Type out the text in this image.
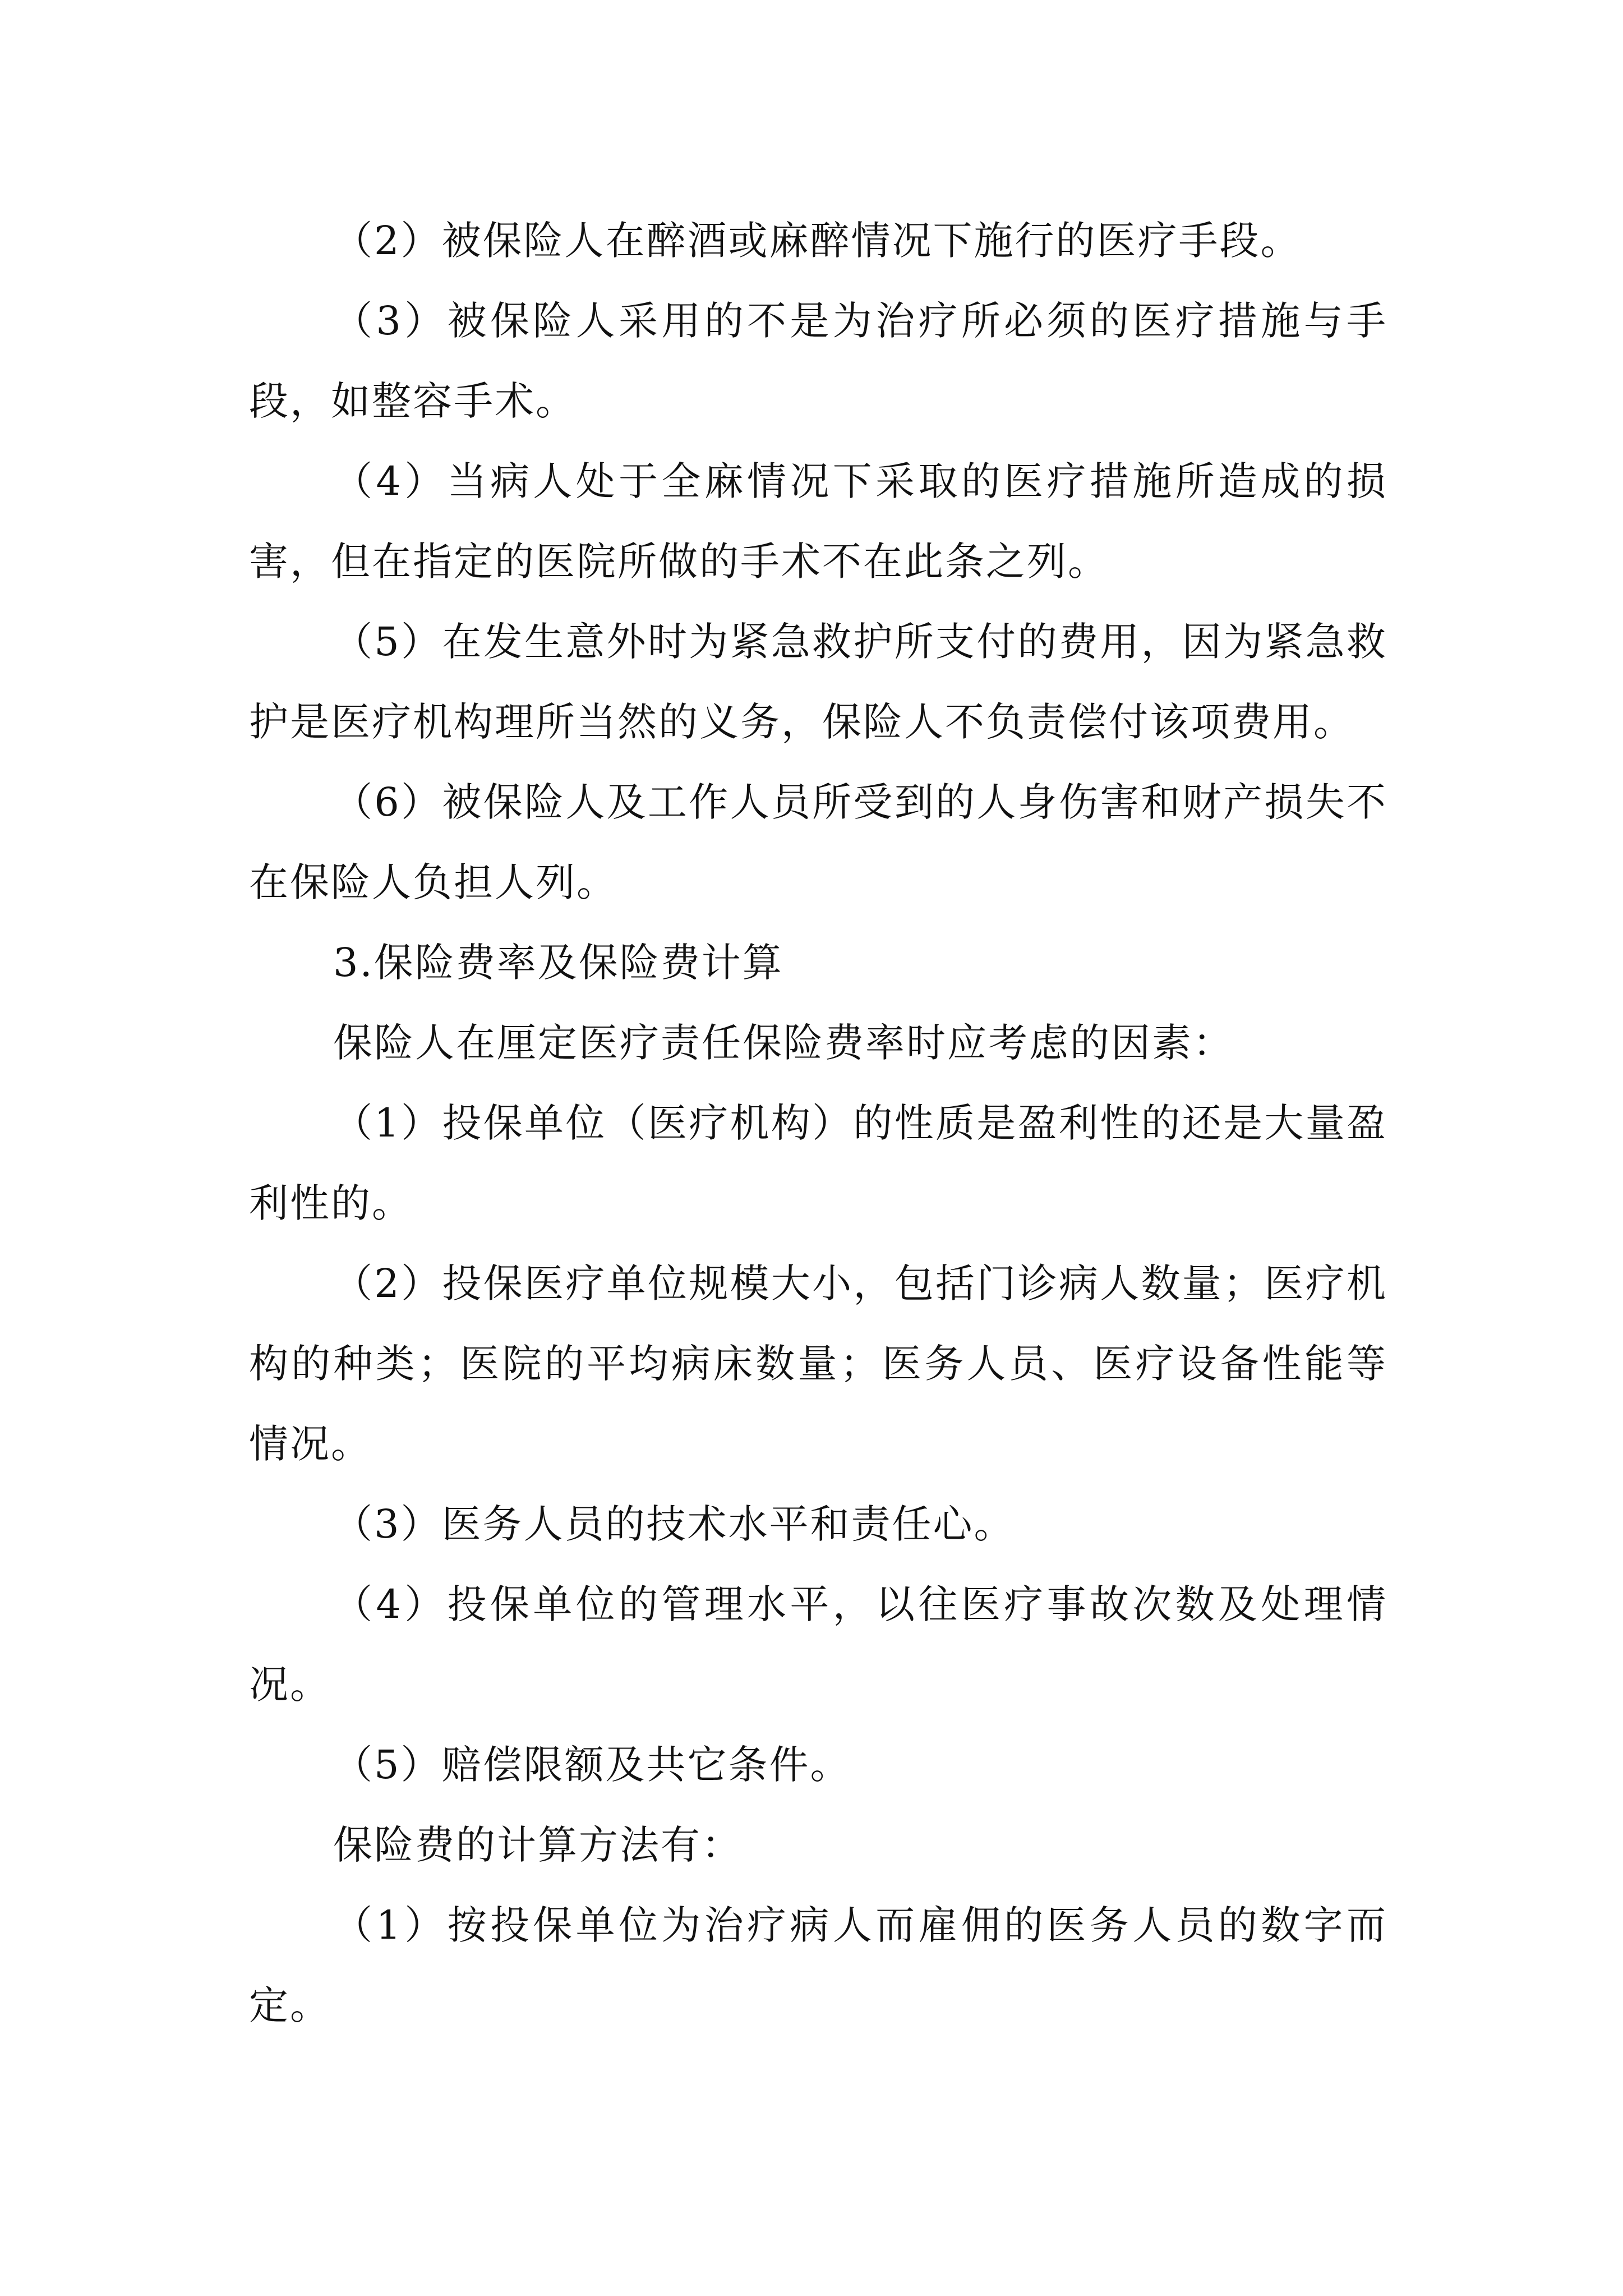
（2）被保险人在醉酒或麻醉情况下施行的医疗手段。

（3）被保险人采用的不是为治疗所必须的医疗措施与手段，如整容手术。

（4）当病人处于全麻情况下采取的医疗措施所造成的损害，但在指定的医院所做的手术不在此条之列。

（5）在发生意外时为紧急救护所支付的费用，因为紧急救护是医疗机构理所当然的义务，保险人不负责偿付该项费用。

（6）被保险人及工作人员所受到的人身伤害和财产损失不在保险人负担人列。

3.保险费率及保险费计算

保险人在厘定医疗责任保险费率时应考虑的因素：

（1）投保单位（医疗机构）的性质是盈利性的还是大量盈利性的。

（2）投保医疗单位规模大小，包括门诊病人数量；医疗机构的种类；医院的平均病床数量；医务人员、医疗设备性能等情况。

（3）医务人员的技术水平和责任心。

（4）投保单位的管理水平，以往医疗事故次数及处理情况。

（5）赔偿限额及共它条件。

保险费的计算方法有：

（1）按投保单位为治疗病人而雇佣的医务人员的数字而定。
